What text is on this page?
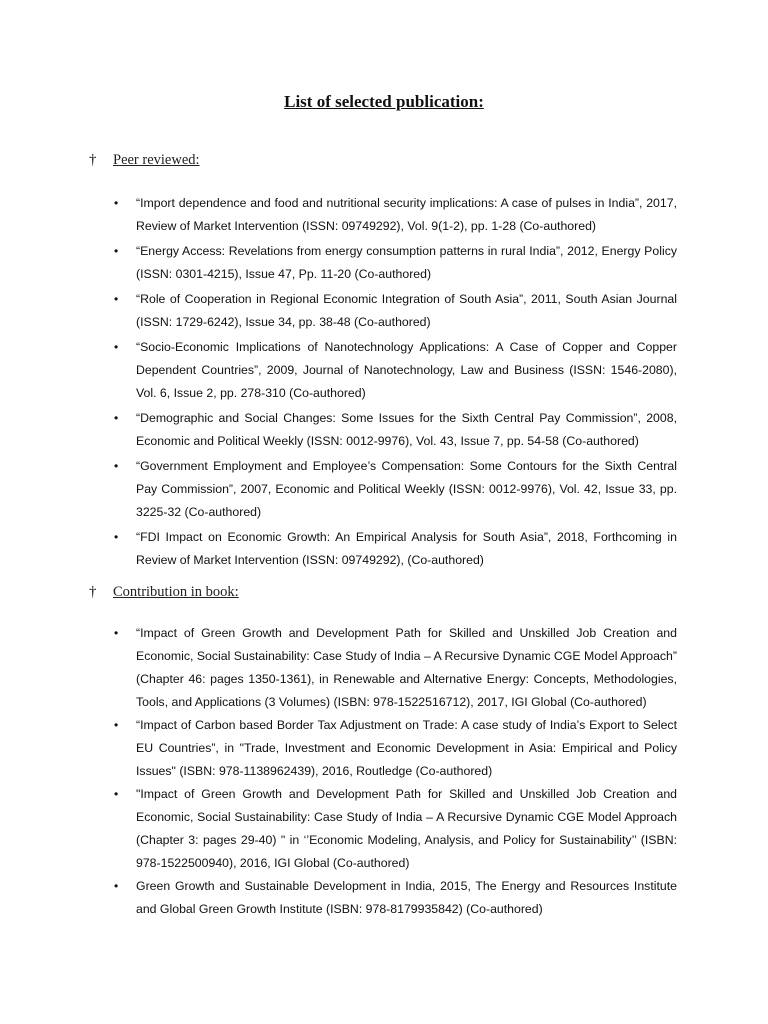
List of selected publication:
† Peer reviewed:
• “Import dependence and food and nutritional security implications: A case of pulses in India”, 2017, Review of Market Intervention (ISSN: 09749292), Vol. 9(1-2), pp. 1-28 (Co-authored)
• “Energy Access: Revelations from energy consumption patterns in rural India”, 2012, Energy Policy (ISSN: 0301-4215), Issue 47, Pp. 11-20 (Co-authored)
• “Role of Cooperation in Regional Economic Integration of South Asia”, 2011, South Asian Journal (ISSN: 1729-6242), Issue 34, pp. 38-48 (Co-authored)
• “Socio-Economic Implications of Nanotechnology Applications: A Case of Copper and Copper Dependent Countries”, 2009, Journal of Nanotechnology, Law and Business (ISSN: 1546-2080), Vol. 6, Issue 2, pp. 278-310 (Co-authored)
• “Demographic and Social Changes: Some Issues for the Sixth Central Pay Commission”, 2008, Economic and Political Weekly (ISSN: 0012-9976), Vol. 43, Issue 7, pp. 54-58 (Co-authored)
• “Government Employment and Employee’s Compensation: Some Contours for the Sixth Central Pay Commission”, 2007, Economic and Political Weekly (ISSN: 0012-9976), Vol. 42, Issue 33, pp. 3225-32 (Co-authored)
• “FDI Impact on Economic Growth: An Empirical Analysis for South Asia”, 2018, Forthcoming in Review of Market Intervention (ISSN: 09749292), (Co-authored)
† Contribution in book:
• “Impact of Green Growth and Development Path for Skilled and Unskilled Job Creation and Economic, Social Sustainability: Case Study of India – A Recursive Dynamic CGE Model Approach” (Chapter 46: pages 1350-1361), in Renewable and Alternative Energy: Concepts, Methodologies, Tools, and Applications (3 Volumes) (ISBN: 978-1522516712), 2017, IGI Global (Co-authored)
• “Impact of Carbon based Border Tax Adjustment on Trade: A case study of India’s Export to Select EU Countries”, in "Trade, Investment and Economic Development in Asia: Empirical and Policy Issues" (ISBN: 978-1138962439), 2016, Routledge (Co-authored)
• "Impact of Green Growth and Development Path for Skilled and Unskilled Job Creation and Economic, Social Sustainability: Case Study of India – A Recursive Dynamic CGE Model Approach (Chapter 3: pages 29-40) " in ‘’Economic Modeling, Analysis, and Policy for Sustainability’’ (ISBN: 978-1522500940), 2016, IGI Global (Co-authored)
• Green Growth and Sustainable Development in India, 2015, The Energy and Resources Institute and Global Green Growth Institute (ISBN: 978-8179935842) (Co-authored)
